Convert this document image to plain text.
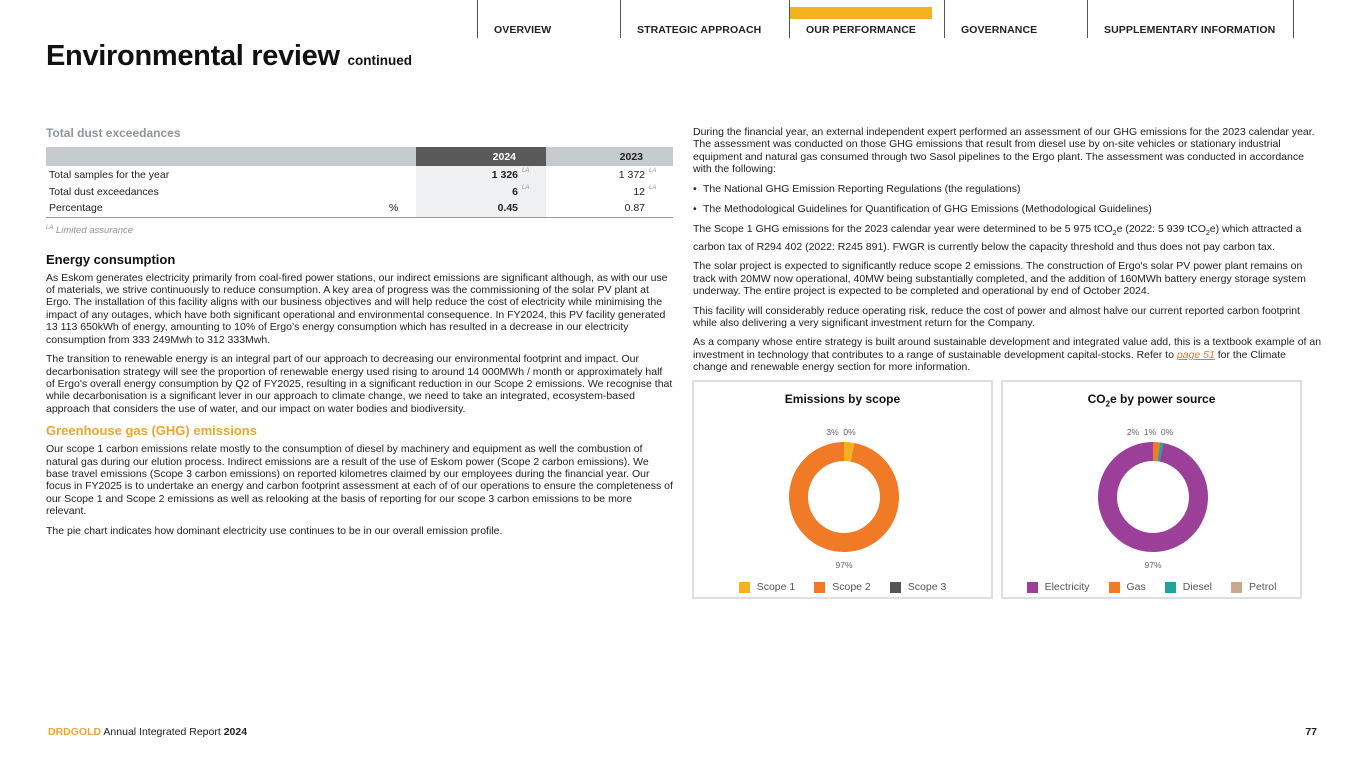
OVERVIEW	STRATEGIC APPROACH	OUR PERFORMANCE	GOVERNANCE	SUPPLEMENTARY INFORMATION
Environmental review continued
Total dust exceedances
		2024		2023	
Total samples for the year		1 326	LA	1 372	LA
Total dust exceedances		6	LA	12	LA
Percentage	%	0.45		0.87	
$^{LA}$ Limited assurance
Energy consumption

As Eskom generates electricity primarily from coal-fired power stations, our indirect emissions are significant although, as with our use of materials, we strive continuously to reduce consumption. A key area of progress was the commissioning of the solar PV plant at Ergo. The installation of this facility aligns with our business objectives and will help reduce the cost of electricity while minimising the impact of any outages, which have both significant operational and environmental consequence. In FY2024, this PV facility generated 13 113 650kWh of energy, amounting to 10% of Ergo’s energy consumption which has resulted in a decrease in our electricity consumption from 333 249Mwh to 312 333Mwh.

The transition to renewable energy is an integral part of our approach to decreasing our environmental footprint and impact. Our decarbonisation strategy will see the proportion of renewable energy used rising to around 14 000MWh / month or approximately half of Ergo's overall energy consumption by Q2 of FY2025, resulting in a significant reduction in our Scope 2 emissions. We recognise that while decarbonisation is a significant lever in our approach to climate change, we need to take an integrated, ecosystem-based approach that considers the use of water, and our impact on water bodies and biodiversity.

Greenhouse gas (GHG) emissions

Our scope 1 carbon emissions relate mostly to the consumption of diesel by machinery and equipment as well the combustion of natural gas during our elution process. Indirect emissions are a result of the use of Eskom power (Scope 2 carbon emissions). We base travel emissions (Scope 3 carbon emissions) on reported kilometres claimed by our employees during the financial year. Our focus in FY2025 is to undertake an energy and carbon footprint assessment at each of of our operations to ensure the completeness of our Scope 1 and Scope 2 emissions as well as relooking at the basis of reporting for our scope 3 carbon emissions to be more relevant.

The pie chart indicates how dominant electricity use continues to be in our overall emission profile.

During the financial year, an external independent expert performed an assessment of our GHG emissions for the 2023 calendar year. The assessment was conducted on those GHG emissions that result from diesel use by on-site vehicles or stationary industrial equipment and natural gas consumed through two Sasol pipelines to the Ergo plant. The assessment was conducted in accordance with the following:

• The National GHG Emission Reporting Regulations (the regulations)
• The Methodological Guidelines for Quantification of GHG Emissions (Methodological Guidelines)

The Scope 1 GHG emissions for the 2023 calendar year were determined to be 5 975 tCO$_2$e (2022: 5 939 tCO$_2$e) which attracted a carbon tax of R294 402 (2022: R245 891). FWGR is currently below the capacity threshold and thus does not pay carbon tax.

The solar project is expected to significantly reduce scope 2 emissions. The construction of Ergo's solar PV power plant remains on track with 20MW now operational, 40MW being substantially completed, and the addition of 160MWh battery energy storage system underway. The entire project is expected to be completed and operational by end of October 2024.

This facility will considerably reduce operating risk, reduce the cost of power and almost halve our current reported carbon footprint while also delivering a very significant investment return for the Company.

As a company whose entire strategy is built around sustainable development and integrated value add, this is a textbook example of an investment in technology that contributes to a range of sustainable development capital-stocks. Refer to page 51 for the Climate change and renewable energy section for more information.

Emissions by scope
3% 0%
97%
Scope 1	Scope 2	Scope 3
$CO_2e$ by power source
2% 1% 0%
97%
Electricity	Gas	Diesel	Petrol
DRDGOLD Annual Integrated Report 2024	77
